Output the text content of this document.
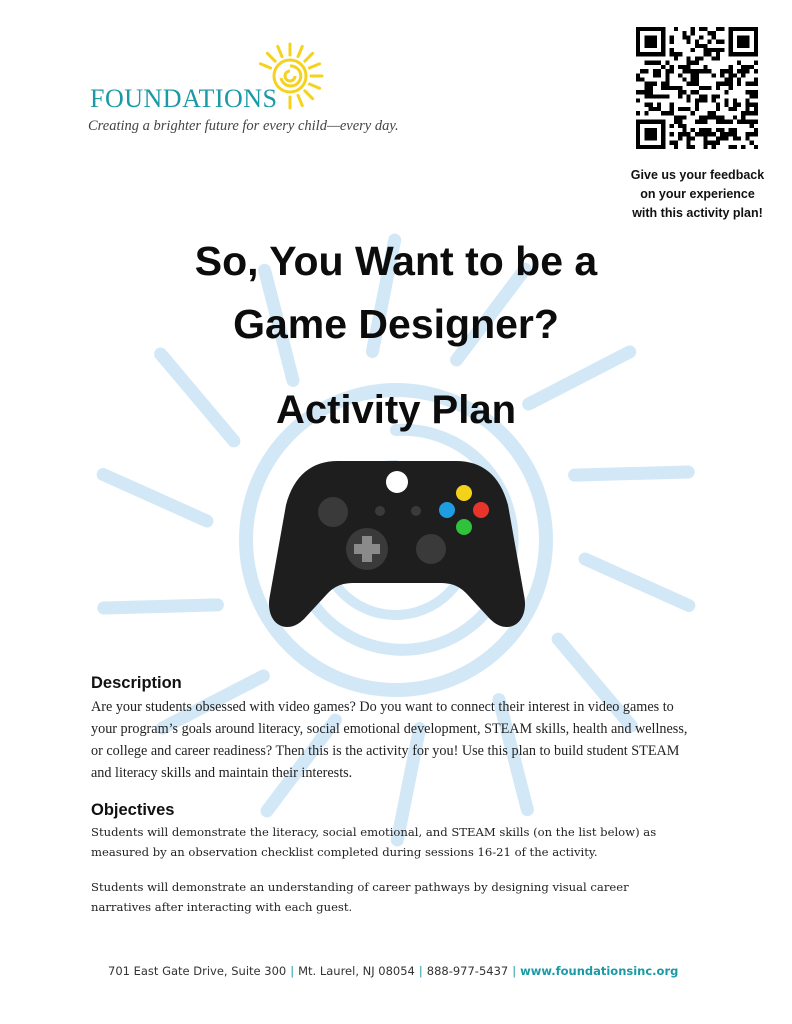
FOUNDATIONS
Creating a brighter future for every child—every day.
Give us your feedback
on your experience
with this activity plan!
So, You Want to be a
Game Designer?
Activity Plan
Description
Are your students obsessed with video games? Do you want to connect their interest in video games to your program’s goals around literacy, social emotional development, STEAM skills, health and wellness, or college and career readiness? Then this is the activity for you! Use this plan to build student STEAM and literacy skills and maintain their interests.
Objectives
Students will demonstrate the literacy, social emotional, and STEAM skills (on the list below) as measured by an observation checklist completed during sessions 16-21 of the activity.
Students will demonstrate an understanding of career pathways by designing visual career narratives after interacting with each guest.
701 East Gate Drive, Suite 300 | Mt. Laurel, NJ 08054 | 888-977-5437 | www.foundationsinc.org
